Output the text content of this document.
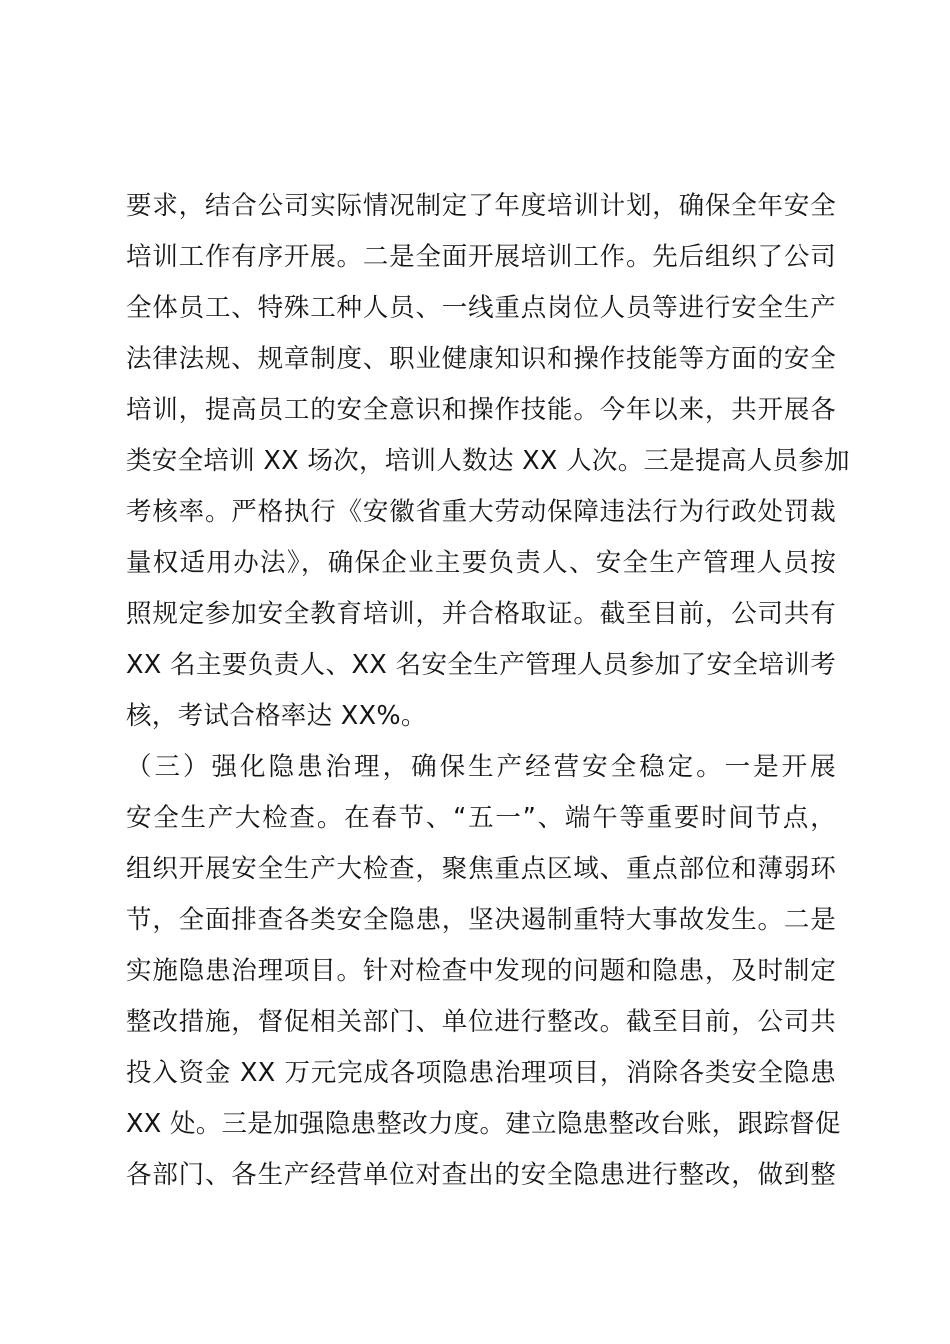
要求，结合公司实际情况制定了年度培训计划，确保全年安全
培训工作有序开展。二是全面开展培训工作。先后组织了公司
全体员工、特殊工种人员、一线重点岗位人员等进行安全生产
法律法规、规章制度、职业健康知识和操作技能等方面的安全
培训，提高员工的安全意识和操作技能。今年以来，共开展各
类安全培训 XX 场次，培训人数达 XX 人次。三是提高人员参加
考核率。严格执行《安徽省重大劳动保障违法行为行政处罚裁
量权适用办法》，确保企业主要负责人、安全生产管理人员按
照规定参加安全教育培训，并合格取证。截至目前，公司共有
XX 名主要负责人、XX 名安全生产管理人员参加了安全培训考
核，考试合格率达 XX%。
（三）强化隐患治理，确保生产经营安全稳定。一是开展
安全生产大检查。在春节、“五一”、端午等重要时间节点，
组织开展安全生产大检查，聚焦重点区域、重点部位和薄弱环
节，全面排查各类安全隐患，坚决遏制重特大事故发生。二是
实施隐患治理项目。针对检查中发现的问题和隐患，及时制定
整改措施，督促相关部门、单位进行整改。截至目前，公司共
投入资金 XX 万元完成各项隐患治理项目，消除各类安全隐患
XX 处。三是加强隐患整改力度。建立隐患整改台账，跟踪督促
各部门、各生产经营单位对查出的安全隐患进行整改，做到整
